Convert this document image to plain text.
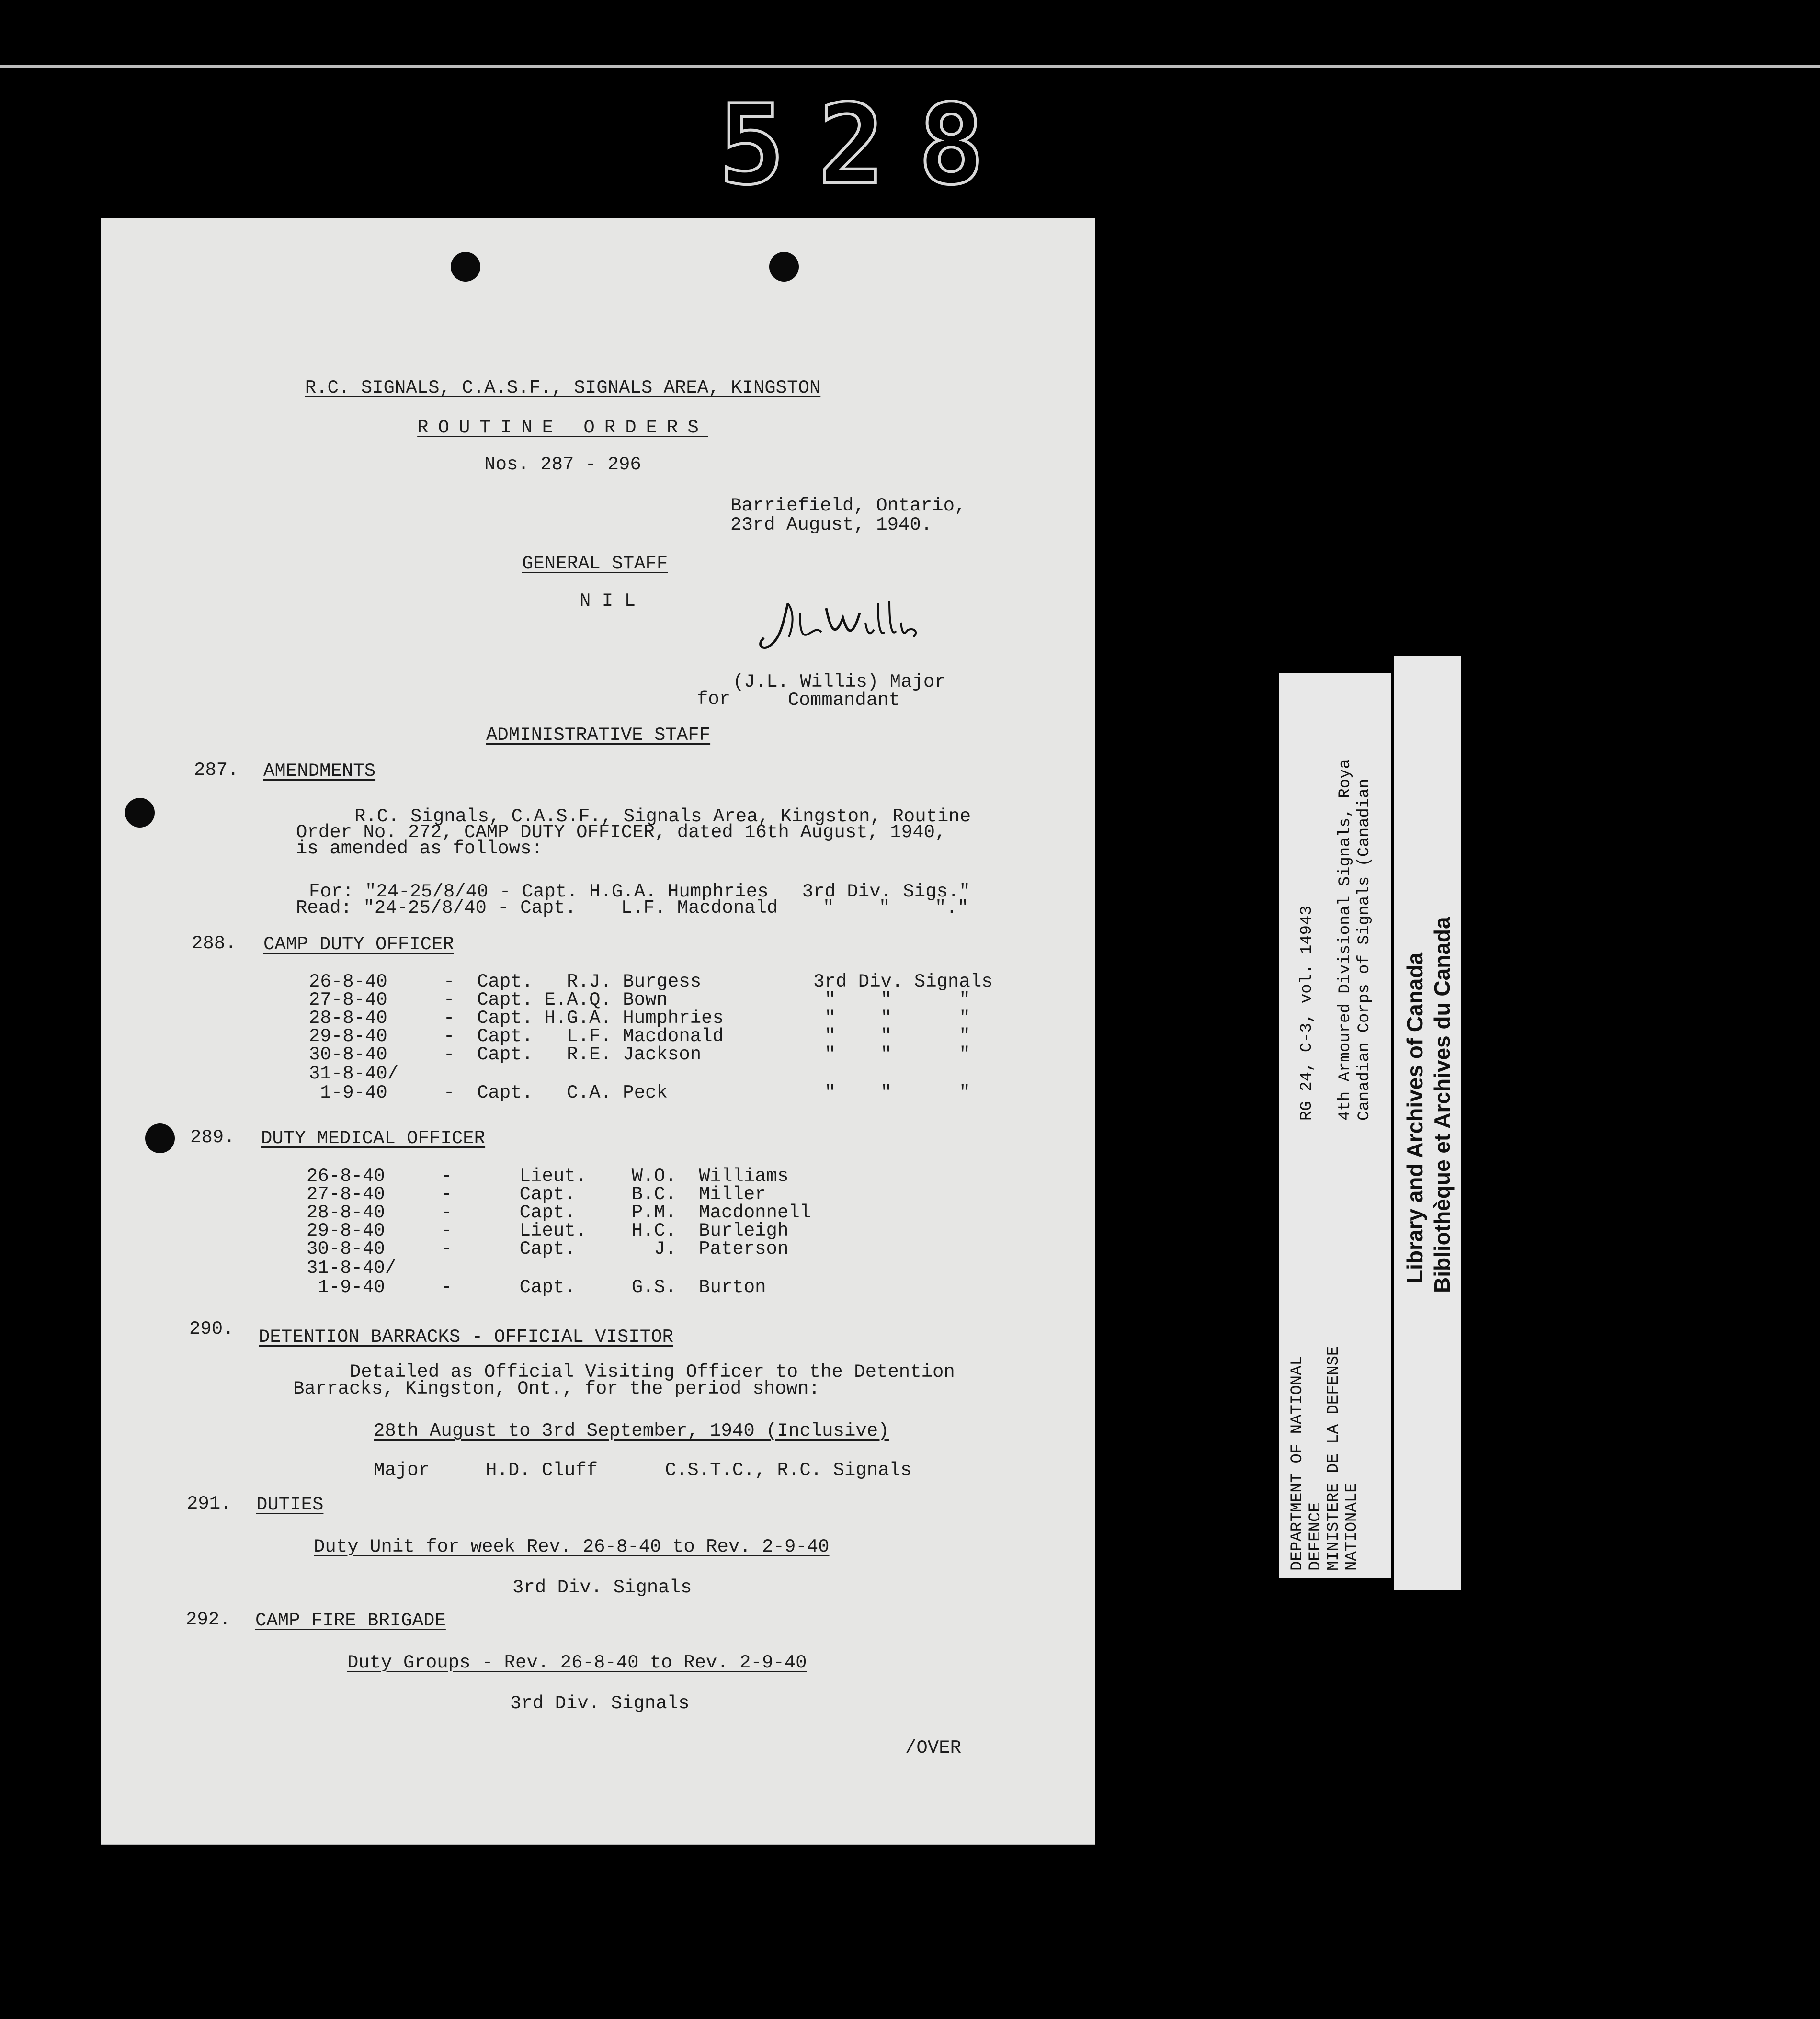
528
R.C. SIGNALS, C.A.S.F., SIGNALS AREA, KINGSTON
ROUTINE ORDERS
Nos. 287 - 296
Barriefield, Ontario,
23rd August, 1940.
GENERAL STAFF
N I L
(J.L. Willis) Major
for	Commandant
ADMINISTRATIVE STAFF
287. AMENDMENTS
R.C. Signals, C.A.S.F., Signals Area, Kingston, Routine
Order No. 272, CAMP DUTY OFFICER, dated 16th August, 1940,
is amended as follows:
For: "24-25/8/40 - Capt. H.G.A. Humphries   3rd Div. Sigs."
Read: "24-25/8/40 - Capt.    L.F. Macdonald    "    "    "."
288. CAMP DUTY OFFICER
26-8-40     -  Capt.   R.J. Burgess          3rd Div. Signals
27-8-40     -  Capt. E.A.Q. Bown              "    "      "
28-8-40     -  Capt. H.G.A. Humphries         "    "      "
29-8-40     -  Capt.   L.F. Macdonald         "    "      "
30-8-40     -  Capt.   R.E. Jackson           "    "      "
31-8-40/
1-9-40     -  Capt.   C.A. Peck              "    "      "
289. DUTY MEDICAL OFFICER
26-8-40     -      Lieut.    W.O.  Williams
27-8-40     -      Capt.     B.C.  Miller
28-8-40     -      Capt.     P.M.  Macdonnell
29-8-40     -      Lieut.    H.C.  Burleigh
30-8-40     -      Capt.       J.  Paterson
31-8-40/
1-9-40     -      Capt.     G.S.  Burton
290. DETENTION BARRACKS - OFFICIAL VISITOR
Detailed as Official Visiting Officer to the Detention
Barracks, Kingston, Ont., for the period shown:
28th August to 3rd September, 1940 (Inclusive)
Major     H.D. Cluff      C.S.T.C., R.C. Signals
291. DUTIES
Duty Unit for week Rev. 26-8-40 to Rev. 2-9-40
3rd Div. Signals
292. CAMP FIRE BRIGADE
Duty Groups - Rev. 26-8-40 to Rev. 2-9-40
3rd Div. Signals
/OVER
DEPARTMENT OF NATIONAL DEFENCE MINISTERE DE LA DEFENSE NATIONALE
RG 24, C-3, vol. 14943 4th Armoured Divisional Signals, Roya Canadian Corps of Signals (Canadian Library and Archives of Canada Bibliothèque et Archives du Canada
